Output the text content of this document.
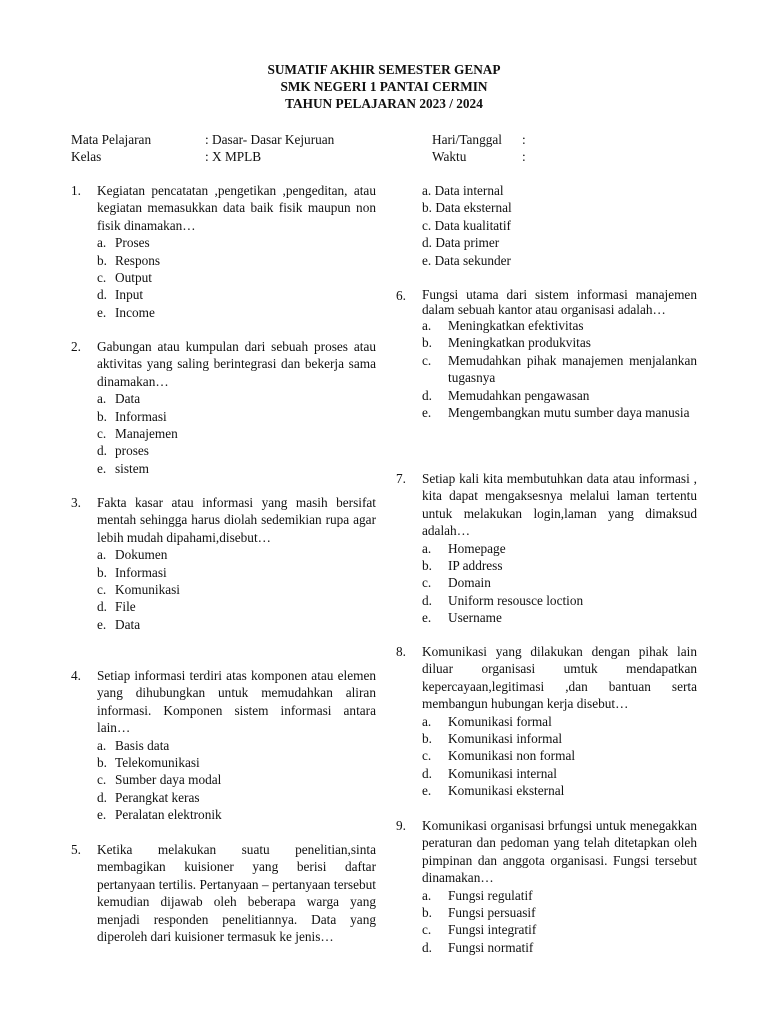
SUMATIF AKHIR SEMESTER GENAP
SMK NEGERI 1 PANTAI CERMIN
TAHUN PELAJARAN 2023 / 2024
Mata Pelajaran	: Dasar- Dasar Kejuruan
Kelas	: X MPLB
Hari/Tanggal :
Waktu	:
1.	Kegiatan pencatatan ,pengetikan ,pengeditan, atau kegiatan memasukkan data baik fisik maupun non fisik dinamakan…
a. Proses
b. Respons
c. Output
d. Input
e. Income
2.	Gabungan atau kumpulan dari sebuah proses atau aktivitas yang saling berintegrasi dan bekerja sama dinamakan…
a. Data
b. Informasi
c. Manajemen
d. proses
e. sistem
3.	Fakta kasar atau informasi yang masih bersifat mentah sehingga harus diolah sedemikian rupa agar lebih mudah dipahami,disebut…
a. Dokumen
b. Informasi
c. Komunikasi
d. File
e. Data
4.	Setiap informasi terdiri atas komponen atau elemen yang dihubungkan untuk memudahkan aliran informasi. Komponen sistem informasi antara lain…
a. Basis data
b. Telekomunikasi
c. Sumber daya modal
d. Perangkat keras
e. Peralatan elektronik
5.	Ketika melakukan suatu penelitian,sinta membagikan kuisioner yang berisi daftar pertanyaan tertilis. Pertanyaan – pertanyaan tersebut kemudian dijawab oleh beberapa warga yang menjadi responden penelitiannya. Data yang diperoleh dari kuisioner termasuk ke jenis…
a. Data internal
b. Data eksternal
c. Data kualitatif
d. Data primer
e. Data sekunder
6.	Fungsi utama dari sistem informasi manajemen dalam sebuah kantor atau organisasi adalah…
a.	Meningkatkan efektivitas
b.	Meningkatkan produkvitas
c.	Memudahkan pihak manajemen menjalankan tugasnya
d.	Memudahkan pengawasan
e.	Mengembangkan mutu sumber daya manusia
7.	Setiap kali kita membutuhkan data atau informasi , kita dapat mengaksesnya melalui laman tertentu untuk melakukan login,laman yang dimaksud adalah…
a.	Homepage
b.	IP address
c.	Domain
d.	Uniform resousce loction
e.	Username
8.	Komunikasi yang dilakukan dengan pihak lain diluar organisasi umtuk mendapatkan kepercayaan,legitimasi ,dan bantuan serta membangun hubungan kerja disebut…
a.	Komunikasi formal
b.	Komunikasi informal
c.	Komunikasi non formal
d.	Komunikasi internal
e.	Komunikasi eksternal
9.	Komunikasi organisasi brfungsi untuk menegakkan peraturan dan pedoman yang telah ditetapkan oleh pimpinan dan anggota organisasi. Fungsi tersebut dinamakan…
a.	Fungsi regulatif
b.	Fungsi persuasif
c.	Fungsi integratif
d.	Fungsi normatif
